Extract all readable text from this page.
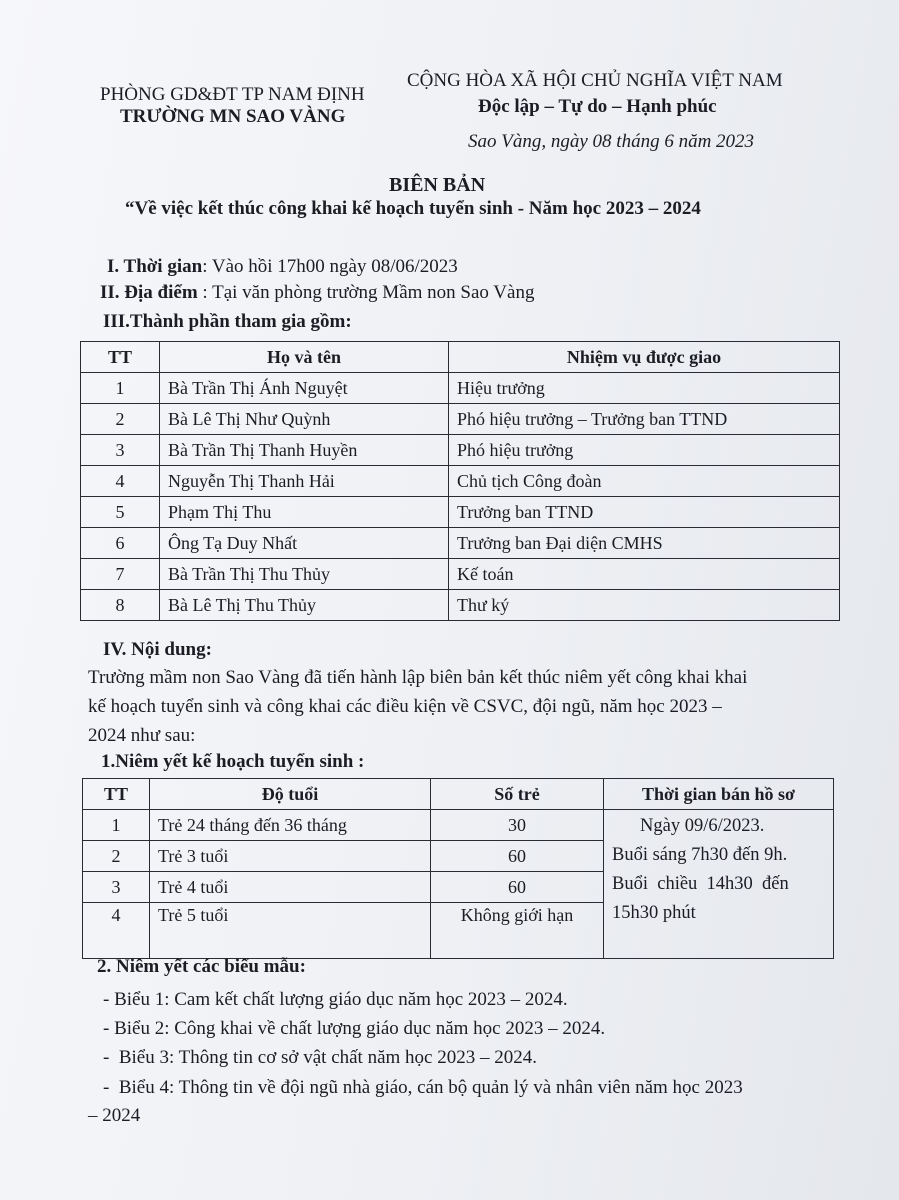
PHÒNG GD&ĐT TP NAM ĐỊNH
TRƯỜNG MN SAO VÀNG
CỘNG HÒA XÃ HỘI CHỦ NGHĨA VIỆT NAM
Độc lập – Tự do – Hạnh phúc
Sao Vàng, ngày 08 tháng 6 năm 2023
BIÊN BẢN
“Về việc kết thúc công khai kế hoạch tuyển sinh - Năm học 2023 – 2024
I. Thời gian: Vào hồi 17h00 ngày 08/06/2023
II. Địa điểm : Tại văn phòng trường Mầm non Sao Vàng
III.Thành phần tham gia gồm:
TT	Họ và tên	Nhiệm vụ được giao
1	Bà Trần Thị Ánh Nguyệt	Hiệu trưởng
2	Bà Lê Thị Như Quỳnh	Phó hiệu trưởng – Trưởng ban TTND
3	Bà Trần Thị Thanh Huyền	Phó hiệu trưởng
4	Nguyễn Thị Thanh Hải	Chủ tịch Công đoàn
5	Phạm Thị Thu	Trưởng ban TTND
6	Ông Tạ Duy Nhất	Trưởng ban Đại diện CMHS
7	Bà Trần Thị Thu Thủy	Kế toán
8	Bà Lê Thị Thu Thủy	Thư ký
IV. Nội dung:
Trường mầm non Sao Vàng đã tiến hành lập biên bản kết thúc niêm yết công khai khai
kế hoạch tuyển sinh và công khai các điều kiện về CSVC, đội ngũ, năm học 2023 –
2024 như sau:
1.Niêm yết kế hoạch tuyển sinh :
TT	Độ tuổi	Số trẻ	Thời gian bán hồ sơ
1	Trẻ 24 tháng đến 36 tháng	30	Ngày 09/6/2023.
Buổi sáng 7h30 đến 9h.
Buổi  chiều  14h30  đến
15h30 phút

2	Trẻ 3 tuổi	60	
3	Trẻ 4 tuổi	60	
4	Trẻ 5 tuổi	Không giới hạn	
2. Niêm yết các biểu mẫu:
- Biểu 1: Cam kết chất lượng giáo dục năm học 2023 – 2024.
- Biểu 2: Công khai về chất lượng giáo dục năm học 2023 – 2024.
-  Biểu 3: Thông tin cơ sở vật chất năm học 2023 – 2024.
-  Biểu 4: Thông tin về đội ngũ nhà giáo, cán bộ quản lý và nhân viên năm học 2023
– 2024
